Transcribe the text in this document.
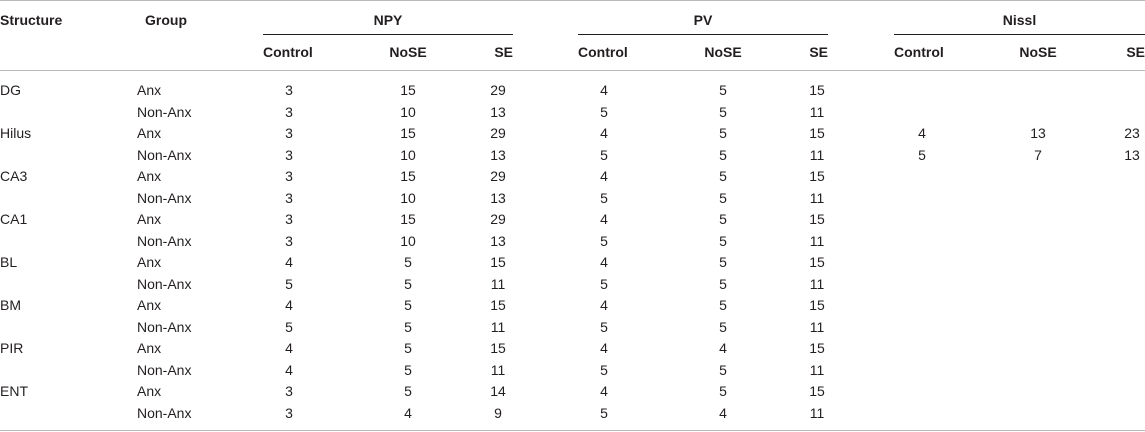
Structure	Group	NPY	PV	Nissl
Control	NoSE	SE	Control	NoSE	SE	Control	NoSE	SE
DG	Anx	3	15	29	4	5	15
Non-Anx	3	10	13	5	5	11
Hilus	Anx	3	15	29	4	5	15	4	13	23
Non-Anx	3	10	13	5	5	11	5	7	13
CA3	Anx	3	15	29	4	5	15
Non-Anx	3	10	13	5	5	11
CA1	Anx	3	15	29	4	5	15
Non-Anx	3	10	13	5	5	11
BL	Anx	4	5	15	4	5	15
Non-Anx	5	5	11	5	5	11
BM	Anx	4	5	15	4	5	15
Non-Anx	5	5	11	5	5	11
PIR	Anx	4	5	15	4	4	15
Non-Anx	4	5	11	5	5	11
ENT	Anx	3	5	14	4	5	15
Non-Anx	3	4	9	5	4	11
